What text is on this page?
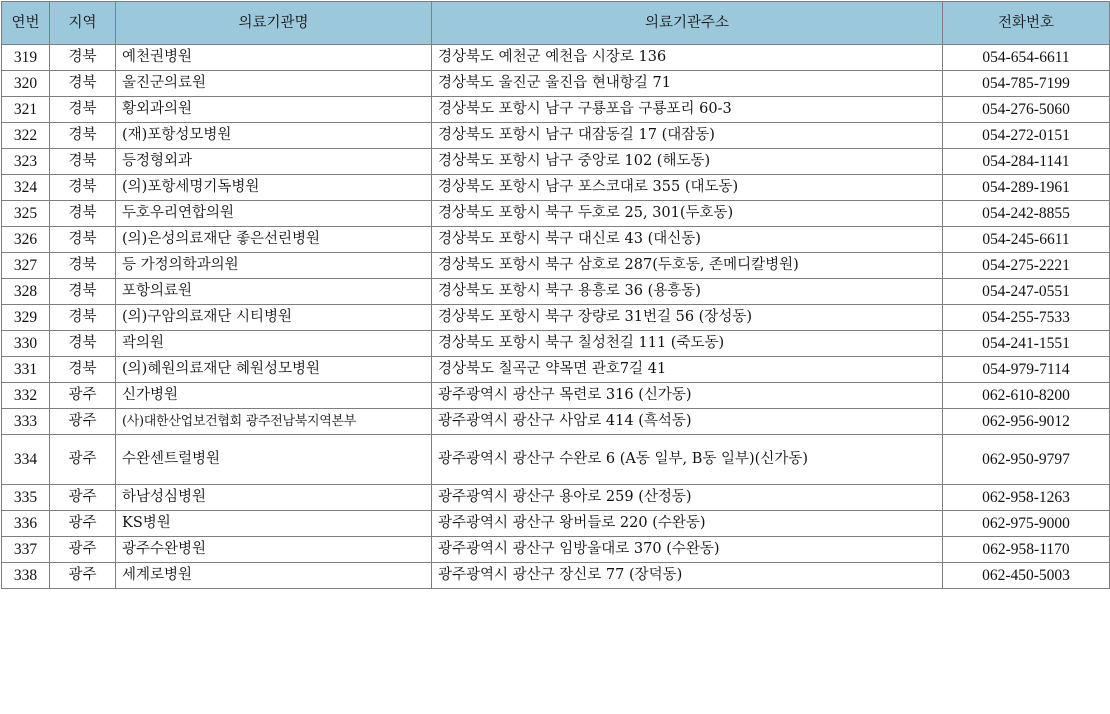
연번	지역	의료기관명	의료기관주소	전화번호
319	경북	예천권병원	경상북도 예천군 예천읍 시장로 136	054-654-6611
320	경북	울진군의료원	경상북도 울진군 울진읍 현내항길 71	054-785-7199
321	경북	황외과의원	경상북도 포항시 남구 구룡포읍 구룡포리 60-3	054-276-5060
322	경북	(재)포항성모병원	경상북도 포항시 남구 대잠동길 17 (대잠동)	054-272-0151
323	경북	등정형외과	경상북도 포항시 남구 중앙로 102 (해도동)	054-284-1141
324	경북	(의)포항세명기독병원	경상북도 포항시 남구 포스코대로 355 (대도동)	054-289-1961
325	경북	두호우리연합의원	경상북도 포항시 북구 두호로 25, 301(두호동)	054-242-8855
326	경북	(의)은성의료재단 좋은선린병원	경상북도 포항시 북구 대신로 43 (대신동)	054-245-6611
327	경북	등 가정의학과의원	경상북도 포항시 북구 삼호로 287(두호동, 존메디칼병원)	054-275-2221
328	경북	포항의료원	경상북도 포항시 북구 용흥로 36 (용흥동)	054-247-0551
329	경북	(의)구암의료재단 시티병원	경상북도 포항시 북구 장량로 31번길 56 (장성동)	054-255-7533
330	경북	곽의원	경상북도 포항시 북구 칠성천길 111 (죽도동)	054-241-1551
331	경북	(의)혜원의료재단 혜원성모병원	경상북도 칠곡군 약목면 관호7길 41	054-979-7114
332	광주	신가병원	광주광역시 광산구 목련로 316 (신가동)	062-610-8200
333	광주	(사)대한산업보건협회 광주전남북지역본부	광주광역시 광산구 사암로 414 (흑석동)	062-956-9012
334	광주	수완센트럴병원	광주광역시 광산구 수완로 6 (A동 일부, B동 일부)(신가동)	062-950-9797
335	광주	하남성심병원	광주광역시 광산구 용아로 259 (산정동)	062-958-1263
336	광주	KS병원	광주광역시 광산구 왕버들로 220 (수완동)	062-975-9000
337	광주	광주수완병원	광주광역시 광산구 임방울대로 370 (수완동)	062-958-1170
338	광주	세계로병원	광주광역시 광산구 장신로 77 (장덕동)	062-450-5003
